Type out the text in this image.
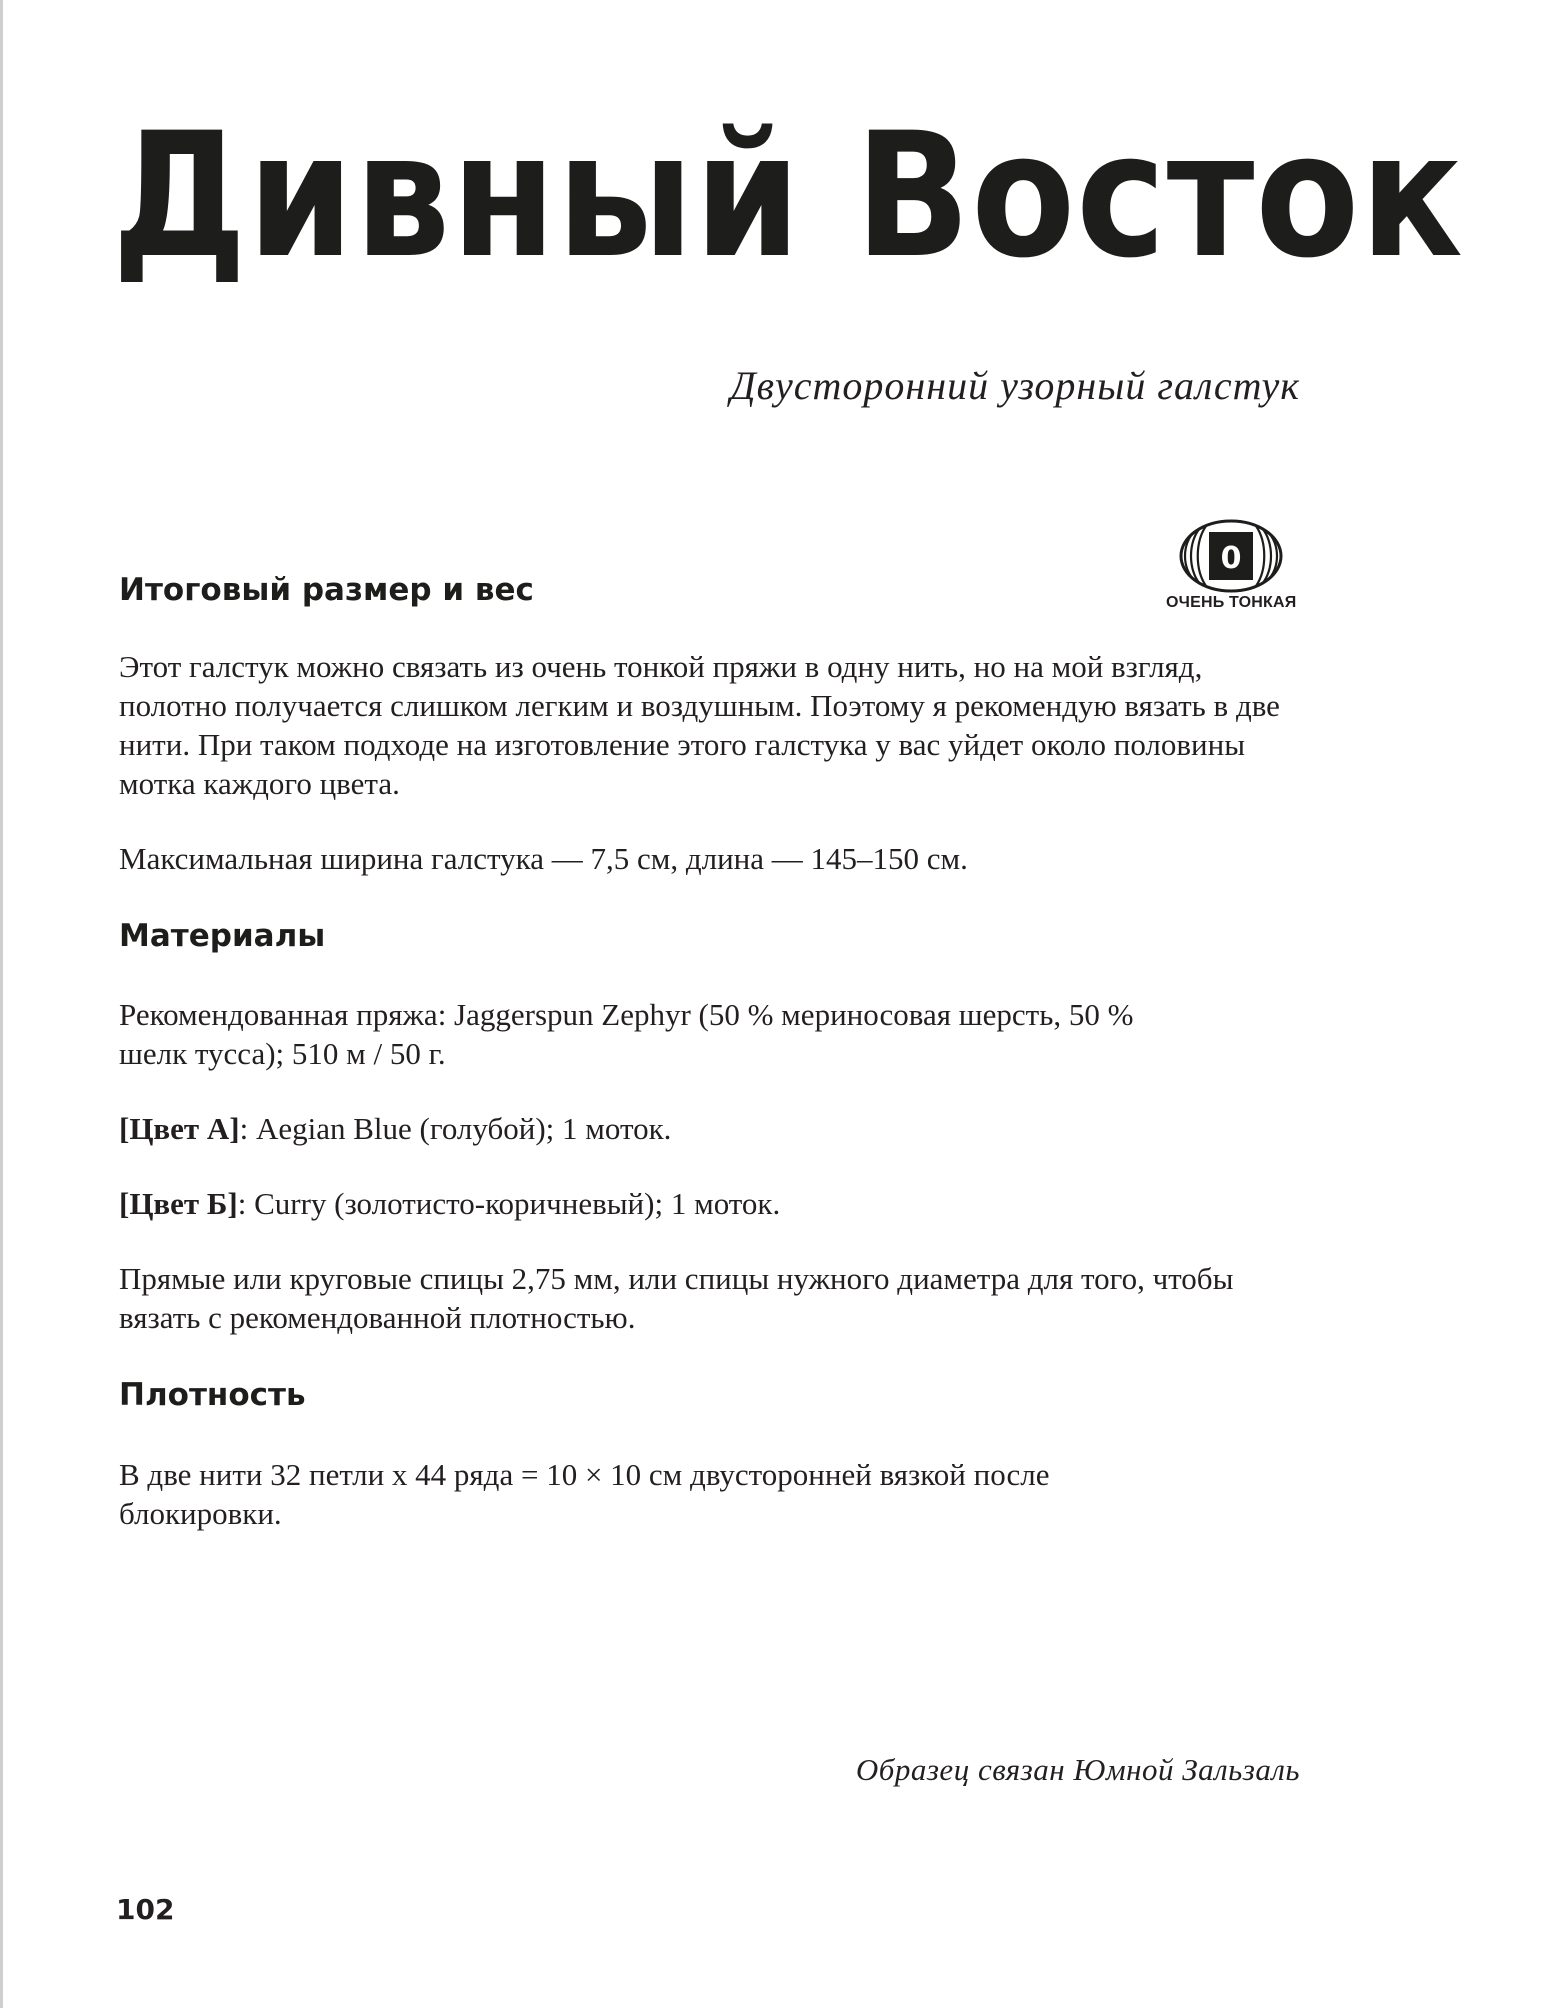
Дивный Восток
Двусторонний узорный галстук
0
ОЧЕНЬ ТОНКАЯ
Итоговый размер и вес

Этот галстук можно связать из очень тонкой пряжи в одну нить, но на мой взгляд, полотно получается слишком легким и воздушным. Поэтому я рекомендую вязать в две нити. При таком подходе на изготовление этого галстука у вас уйдет около половины мотка каждого цвета.

Максимальная ширина галстука — 7,5 см, длина — 145–150 см.

Материалы

Рекомендованная пряжа: Jaggerspun Zephyr (50 % мериносовая шерсть, 50 % шелк тусса); 510 м / 50 г.

[Цвет А]: Aegian Blue (голубой); 1 моток.

[Цвет Б]: Curry (золотисто-коричневый); 1 моток.

Прямые или круговые спицы 2,75 мм, или спицы нужного диаметра для того, чтобы вязать с рекомендованной плотностью.

Плотность

В две нити 32 петли х 44 ряда = 10 × 10 см двусторонней вязкой после блокировки.

Образец связан Юмной Зальзаль
102
